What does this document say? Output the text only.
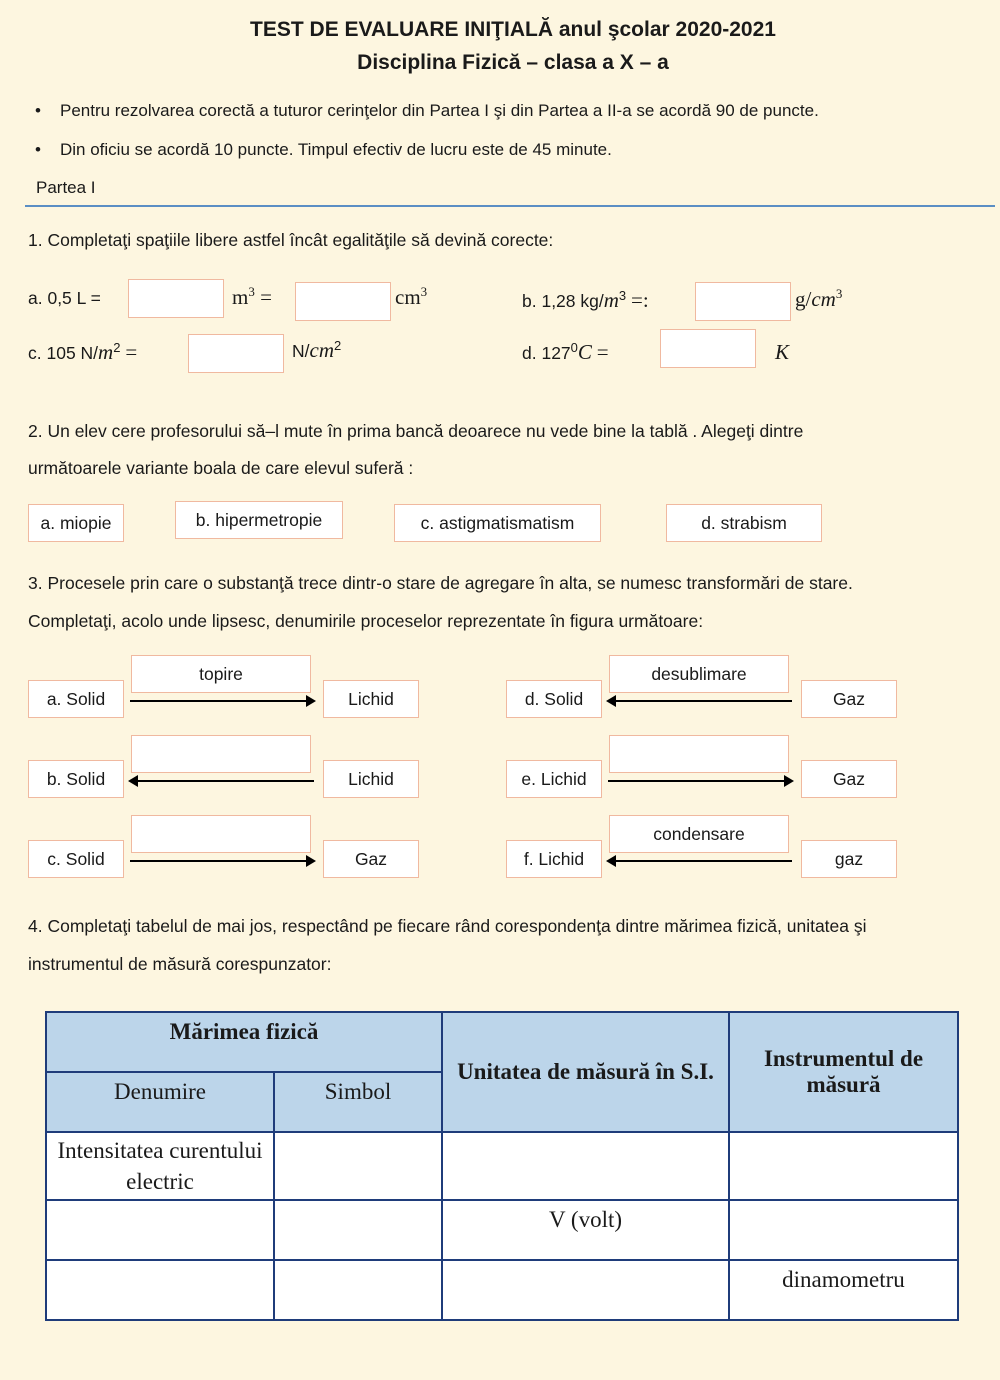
TEST DE EVALUARE INIŢIALĂ anul şcolar 2020-2021
Disciplina Fizică – clasa a X – a
• Pentru rezolvarea corectă a tuturor cerinţelor din Partea I şi din Partea a II-a se acordă 90 de puncte.
• Din oficiu se acordă 10 puncte. Timpul efectiv de lucru este de 45 minute.
Partea I
1. Completaţi spaţiile libere astfel încât egalităţile să devină corecte:
a. 0,5 L =	$m^3$ =	$cm^3$	b. 1,28 $kg/m^3$ =:	$g/cm^3$
c. 105 $N/m^2$ =	$N/cm^2$	d. $127^0C$ =	K
2. Un elev cere profesorului să–l mute în prima bancă deoarece nu vede bine la tablă . Alegeţi dintre
următoarele variante boala de care elevul suferă :
a. miopie	b. hipermetropie	c. astigmatismatism	d. strabism
3. Procesele prin care o substanţă trece dintr-o stare de agregare în alta, se numesc transformări de stare.
Completaţi, acolo unde lipsesc, denumirile proceselor reprezentate în figura următoare:
a. Solid
topire
Lichid
b. Solid	Lichid
c. Solid	Gaz
d. Solid
desublimare
Gaz
e. Lichid	Gaz
f. Lichid
condensare
gaz
4. Completaţi tabelul de mai jos, respectând pe fiecare rând corespondenţa dintre mărimea fizică, unitatea şi
instrumentul de măsură corespunzator:
Mărimea fizică		Unitatea de măsură în S.I.	Instrumentul de măsură
Denumire	Simbol		
Intensitatea curentului electric			
		V (volt)	
			dinamometru
